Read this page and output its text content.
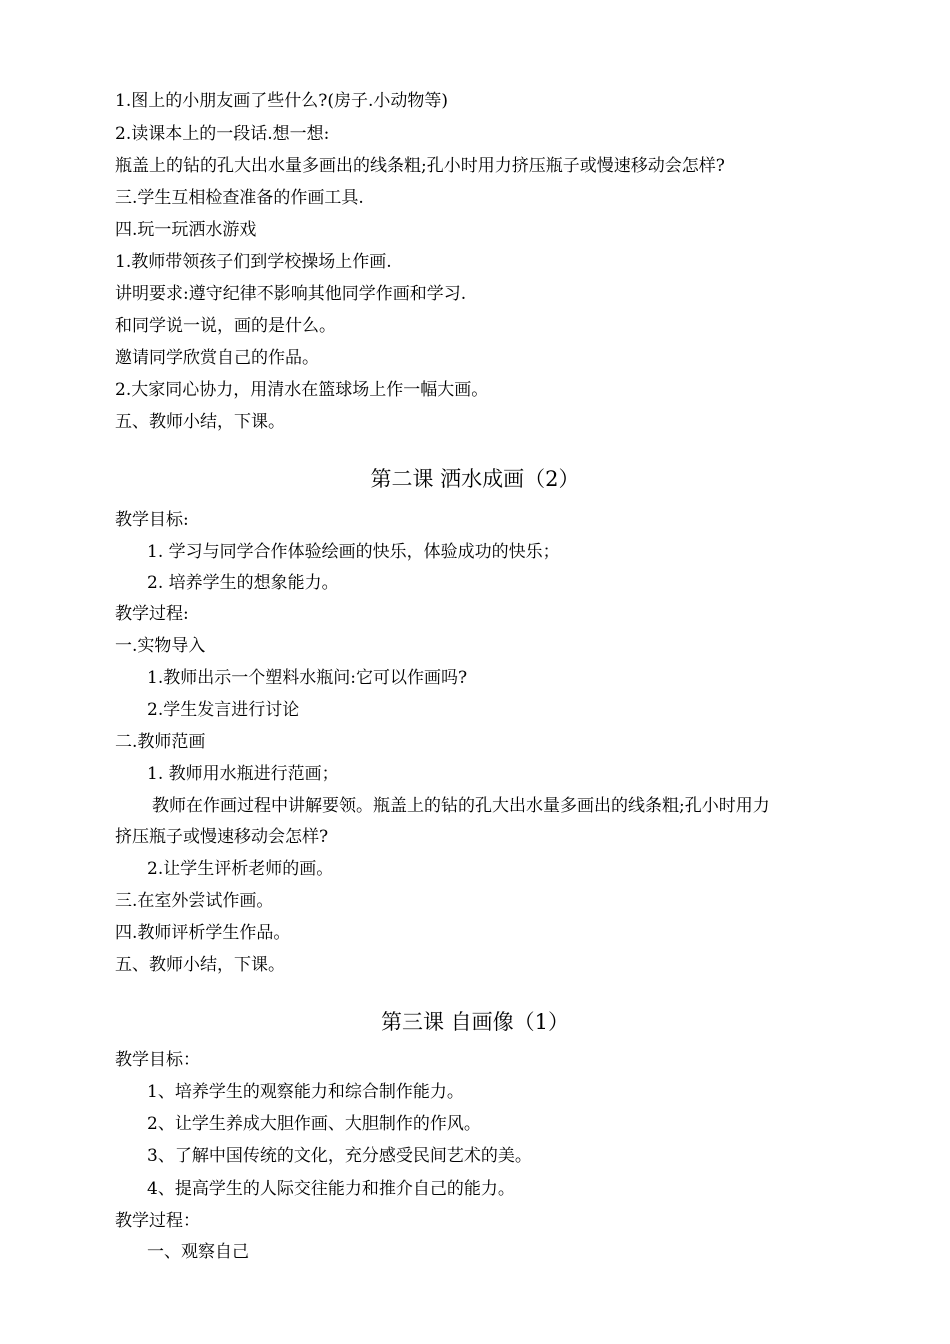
1.图上的小朋友画了些什么?(房子.小动物等)
2.读课本上的一段话.想一想:
瓶盖上的钻的孔大出水量多画出的线条粗;孔小时用力挤压瓶子或慢速移动会怎样?
三.学生互相检查准备的作画工具.
四.玩一玩洒水游戏
1.教师带领孩子们到学校操场上作画.
讲明要求:遵守纪律不影响其他同学作画和学习.
和同学说一说，画的是什么。
邀请同学欣赏自己的作品。
2.大家同心协力，用清水在篮球场上作一幅大画。
五、教师小结，下课。
第二课 洒水成画（2）
教学目标:
1. 学习与同学合作体验绘画的快乐，体验成功的快乐；
2. 培养学生的想象能力。
教学过程:
一.实物导入
1.教师出示一个塑料水瓶问:它可以作画吗?
2.学生发言进行讨论
二.教师范画
1. 教师用水瓶进行范画；
教师在作画过程中讲解要领。瓶盖上的钻的孔大出水量多画出的线条粗;孔小时用力
挤压瓶子或慢速移动会怎样?
2.让学生评析老师的画。
三.在室外尝试作画。
四.教师评析学生作品。
五、教师小结，下课。
第三课 自画像（1）
教学目标：
1、培养学生的观察能力和综合制作能力。
2、让学生养成大胆作画、大胆制作的作风。
3、了解中国传统的文化，充分感受民间艺术的美。
4、提高学生的人际交往能力和推介自己的能力。
教学过程：
一、观察自己
